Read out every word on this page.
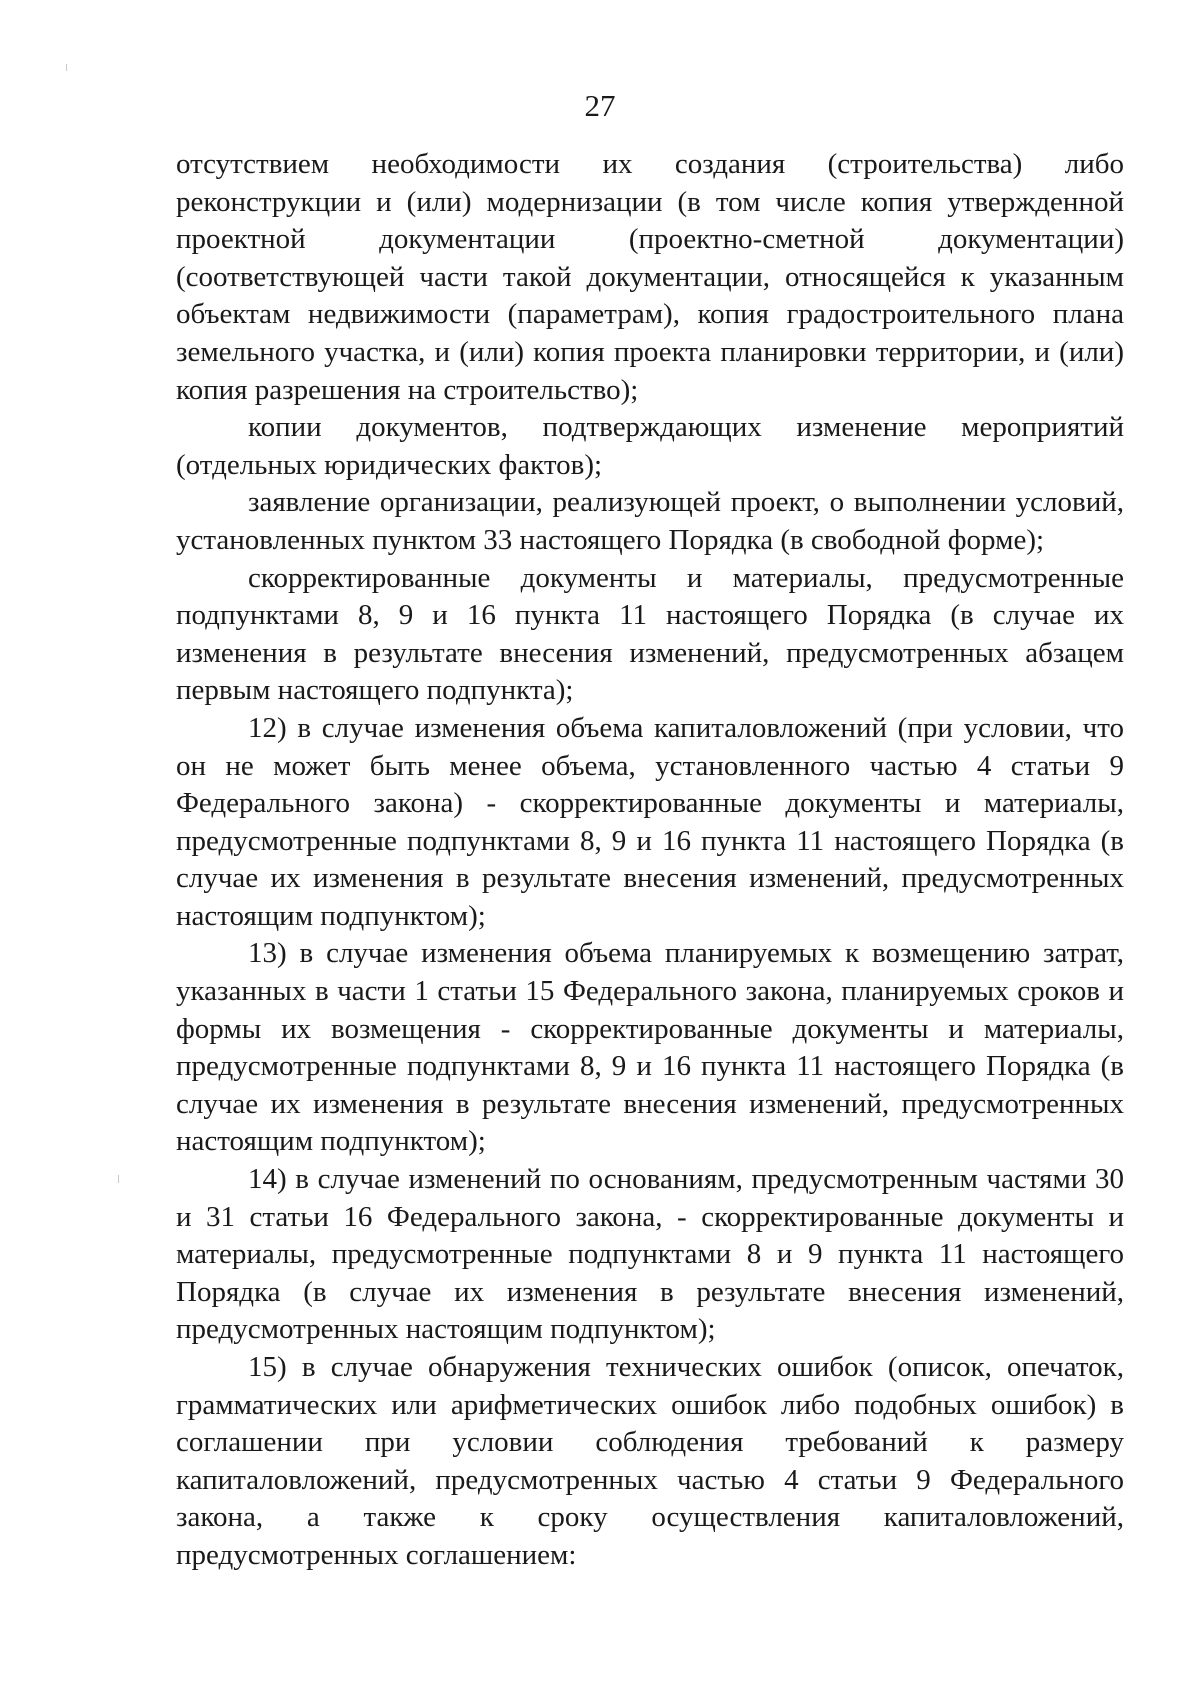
27

отсутствием необходимости их создания (строительства) либо реконструкции и (или) модернизации (в том числе копия утвержденной проектной документации (проектно-сметной документации) (соответствующей части такой документации, относящейся к указанным объектам недвижимости (параметрам), копия градостроительного плана земельного участка, и (или) копия проекта планировки территории, и (или) копия разрешения на строительство);

копии документов, подтверждающих изменение мероприятий (отдельных юридических фактов);

заявление организации, реализующей проект, о выполнении условий, установленных пунктом 33 настоящего Порядка (в свободной форме);

скорректированные документы и материалы, предусмотренные подпунктами 8, 9 и 16 пункта 11 настоящего Порядка (в случае их изменения в результате внесения изменений, предусмотренных абзацем первым настоящего подпункта);

12) в случае изменения объема капиталовложений (при условии, что он не может быть менее объема, установленного частью 4 статьи 9 Федерального закона) - скорректированные документы и материалы, предусмотренные подпунктами 8, 9 и 16 пункта 11 настоящего Порядка (в случае их изменения в результате внесения изменений, предусмотренных настоящим подпунктом);

13) в случае изменения объема планируемых к возмещению затрат, указанных в части 1 статьи 15 Федерального закона, планируемых сроков и формы их возмещения - скорректированные документы и материалы, предусмотренные подпунктами 8, 9 и 16 пункта 11 настоящего Порядка (в случае их изменения в результате внесения изменений, предусмотренных настоящим подпунктом);

14) в случае изменений по основаниям, предусмотренным частями 30 и 31 статьи 16 Федерального закона, - скорректированные документы и материалы, предусмотренные подпунктами 8 и 9 пункта 11 настоящего Порядка (в случае их изменения в результате внесения изменений, предусмотренных настоящим подпунктом);

15) в случае обнаружения технических ошибок (описок, опечаток, грамматических или арифметических ошибок либо подобных ошибок) в соглашении при условии соблюдения требований к размеру капиталовложений, предусмотренных частью 4 статьи 9 Федерального закона, а также к сроку осуществления капиталовложений, предусмотренных соглашением:
